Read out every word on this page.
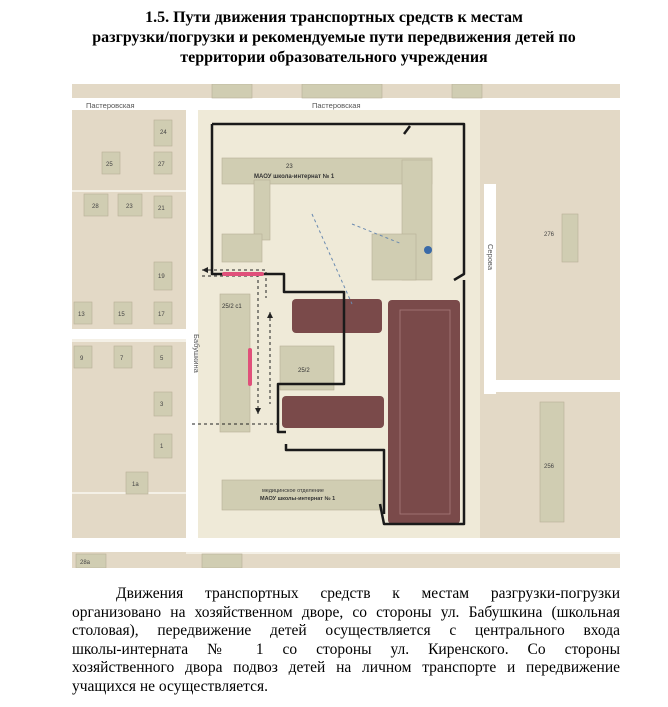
1.5. Пути движения транспортных средств к местам
разгрузки/погрузки и рекомендуемые пути передвижения детей по
территории образовательного учреждения
Пастеровская	Пастеровская
Бабушкина
Серова
23
МАОУ школа-интернат № 1
25/2 с1
25/2
медицинское отделение
МАОУ школы-интернат № 1
24
25	27
28	23	21
19
13	15	17
9	7	5
3
1
1а
276
256
28а
Движения транспортных средств к местам разгрузки-погрузки
организовано на хозяйственном дворе, со стороны ул. Бабушкина (школьная
столовая), передвижение детей осуществляется с центрального входа
школы-интерната № 1 со стороны ул. Киренского. Со стороны
хозяйственного двора подвоз детей на личном транспорте и передвижение
учащихся не осуществляется.
